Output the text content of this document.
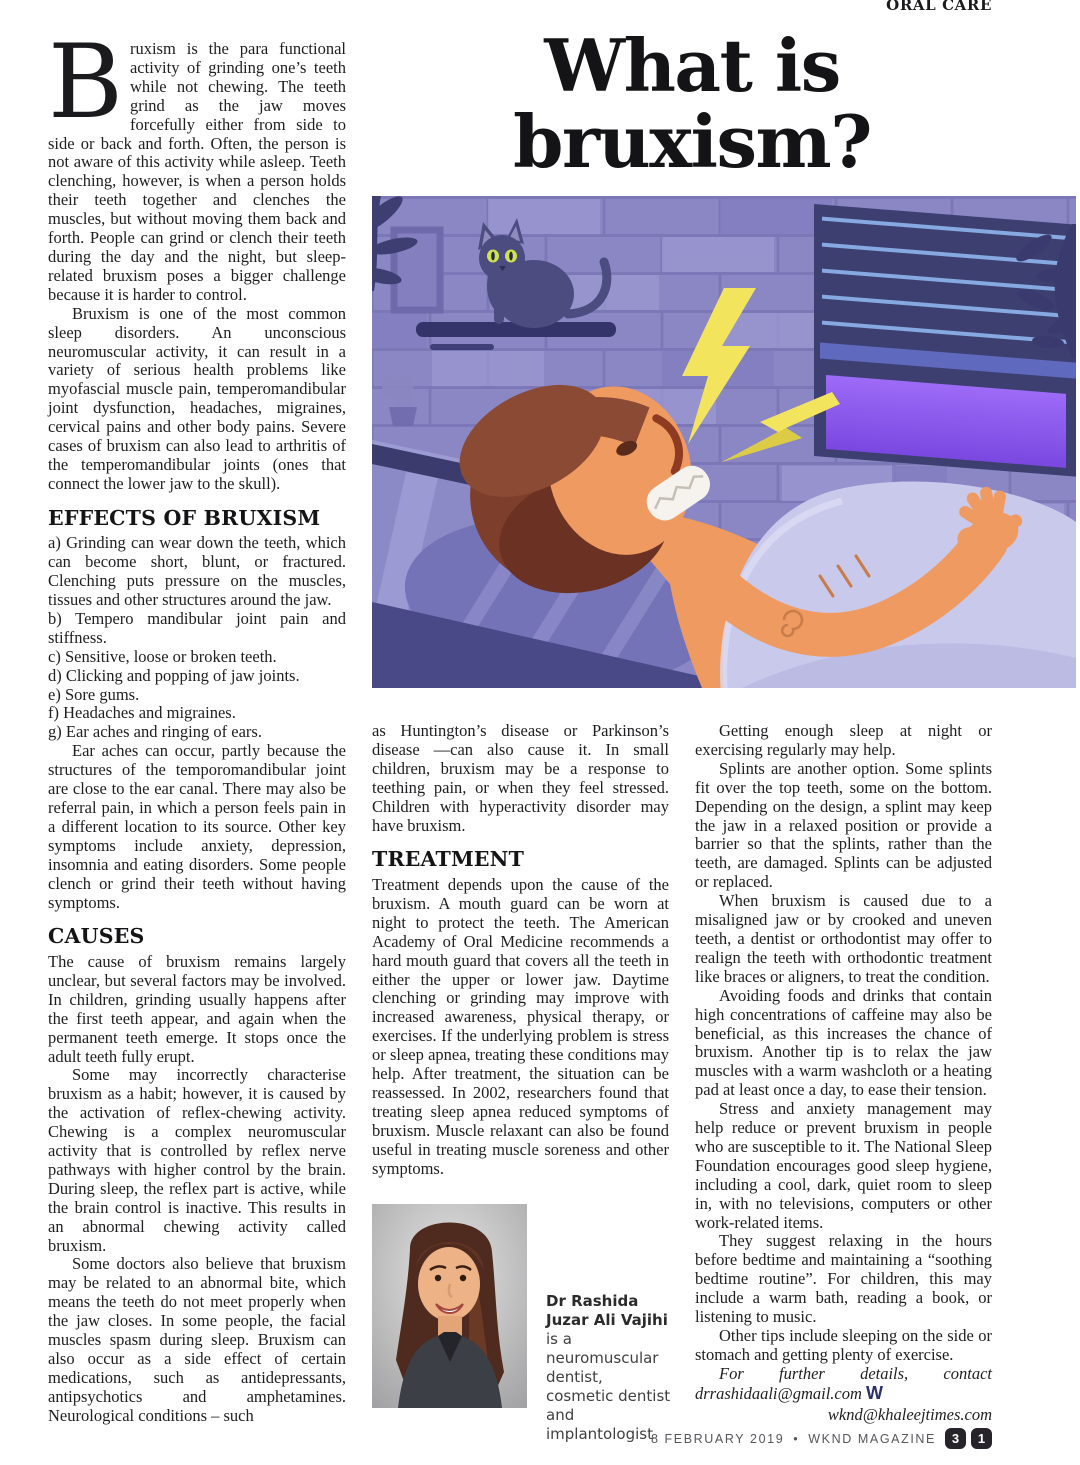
ORAL CARE
What is bruxism?

Bruxism is the para functional activity of grinding one’s teeth while not chewing. The teeth grind as the jaw moves forcefully either from side to side or back and forth. Often, the person is not aware of this activity while asleep. Teeth clenching, however, is when a person holds their teeth together and clenches the muscles, but without moving them back and forth. People can grind or clench their teeth during the day and the night, but sleep-related bruxism poses a bigger challenge because it is harder to control.

Bruxism is one of the most common sleep disorders. An unconscious neuromuscular activity, it can result in a variety of serious health problems like myofascial muscle pain, temperomandibular joint dysfunction, headaches, migraines, cervical pains and other body pains. Severe cases of bruxism can also lead to arthritis of the temperomandibular joints (ones that connect the lower jaw to the skull).

EFFECTS OF BRUXISM

a) Grinding can wear down the teeth, which can become short, blunt, or fractured. Clenching puts pressure on the muscles, tissues and other structures around the jaw.

b) Tempero mandibular joint pain and stiffness.

c) Sensitive, loose or broken teeth.

d) Clicking and popping of jaw joints.

e) Sore gums.

f) Headaches and migraines.

g) Ear aches and ringing of ears.

Ear aches can occur, partly because the structures of the temporomandibular joint are close to the ear canal. There may also be referral pain, in which a person feels pain in a different location to its source. Other key symptoms include anxiety, depression, insomnia and eating disorders. Some people clench or grind their teeth without having symptoms.

CAUSES

The cause of bruxism remains largely unclear, but several factors may be involved. In children, grinding usually happens after the first teeth appear, and again when the permanent teeth emerge. It stops once the adult teeth fully erupt.

Some may incorrectly characterise bruxism as a habit; however, it is caused by the activation of reflex-chewing activity. Chewing is a complex neuromuscular activity that is controlled by reflex nerve pathways with higher control by the brain. During sleep, the reflex part is active, while the brain control is inactive. This results in an abnormal chewing activity called bruxism.

Some doctors also believe that bruxism may be related to an abnormal bite, which means the teeth do not meet properly when the jaw closes. In some people, the facial muscles spasm during sleep. Bruxism can also occur as a side effect of certain medications, such as antidepressants, antipsychotics and amphetamines. Neurological conditions – such

as Huntington’s disease or Parkinson’s disease —can also cause it. In small children, bruxism may be a response to teething pain, or when they feel stressed. Children with hyperactivity disorder may have bruxism.

TREATMENT

Treatment depends upon the cause of the bruxism. A mouth guard can be worn at night to protect the teeth. The American Academy of Oral Medicine recommends a hard mouth guard that covers all the teeth in either the upper or lower jaw. Daytime clenching or grinding may improve with increased awareness, physical therapy, or exercises. If the underlying problem is stress or sleep apnea, treating these conditions may help. After treatment, the situation can be reassessed. In 2002, researchers found that treating sleep apnea reduced symptoms of bruxism. Muscle relaxant can also be found useful in treating muscle soreness and other symptoms.

Dr Rashida
Juzar Ali Vajihi
is a neuromuscular dentist, cosmetic dentist and implantologist

Getting enough sleep at night or exercising regularly may help.

Splints are another option. Some splints fit over the top teeth, some on the bottom. Depending on the design, a splint may keep the jaw in a relaxed position or provide a barrier so that the splints, rather than the teeth, are damaged. Splints can be adjusted or replaced.

When bruxism is caused due to a misaligned jaw or by crooked and uneven teeth, a dentist or orthodontist may offer to realign the teeth with orthodontic treatment like braces or aligners, to treat the condition.

Avoiding foods and drinks that contain high concentrations of caffeine may also be beneficial, as this increases the chance of bruxism. Another tip is to relax the jaw muscles with a warm washcloth or a heating pad at least once a day, to ease their tension.

Stress and anxiety management may help reduce or prevent bruxism in people who are susceptible to it. The National Sleep Foundation encourages good sleep hygiene, including a cool, dark, quiet room to sleep in, with no televisions, computers or other work-related items.

They suggest relaxing in the hours before bedtime and maintaining a “soothing bedtime routine”. For children, this may include a warm bath, reading a book, or listening to music.

Other tips include sleeping on the side or stomach and getting plenty of exercise.

For further details, contact drrashidaali@gmail.com W

wknd@khaleejtimes.com

8 FEBRUARY 2019 • WKND MAGAZINE	3	1
